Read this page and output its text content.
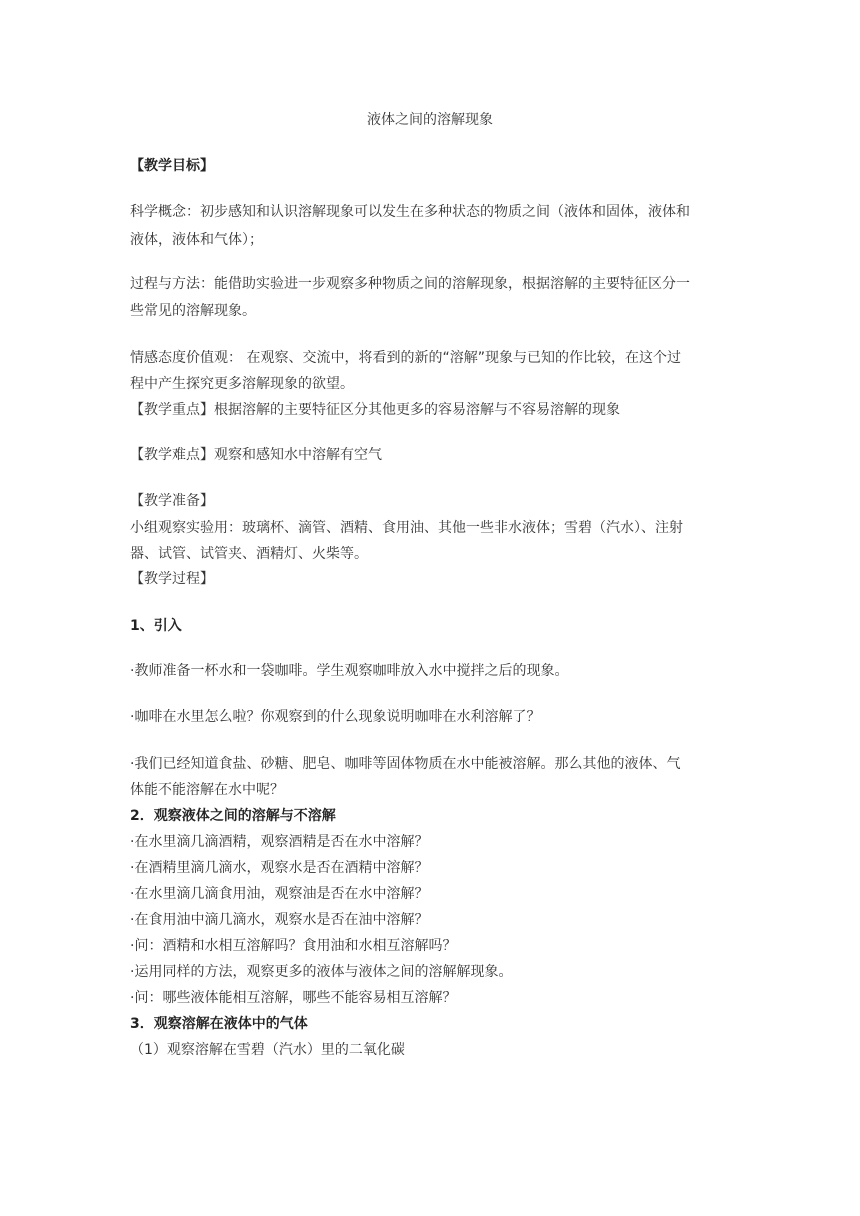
液体之间的溶解现象
【教学目标】
科学概念：初步感知和认识溶解现象可以发生在多种状态的物质之间（液体和固体，液体和
液体，液体和气体）；
过程与方法：能借助实验进一步观察多种物质之间的溶解现象，根据溶解的主要特征区分一
些常见的溶解现象。
情感态度价值观： 在观察、交流中，将看到的新的“溶解”现象与已知的作比较，在这个过
程中产生探究更多溶解现象的欲望。
【教学重点】根据溶解的主要特征区分其他更多的容易溶解与不容易溶解的现象
【教学难点】观察和感知水中溶解有空气
【教学准备】
小组观察实验用：玻璃杯、滴管、酒精、食用油、其他一些非水液体；雪碧（汽水）、注射
器、试管、试管夹、酒精灯、火柴等。
【教学过程】
1、引入
·教师准备一杯水和一袋咖啡。学生观察咖啡放入水中搅拌之后的现象。
·咖啡在水里怎么啦？你观察到的什么现象说明咖啡在水利溶解了？
·我们已经知道食盐、砂糖、肥皂、咖啡等固体物质在水中能被溶解。那么其他的液体、气
体能不能溶解在水中呢？
2．观察液体之间的溶解与不溶解
·在水里滴几滴酒精，观察酒精是否在水中溶解？
·在酒精里滴几滴水，观察水是否在酒精中溶解？
·在水里滴几滴食用油，观察油是否在水中溶解？
·在食用油中滴几滴水，观察水是否在油中溶解？
·问：酒精和水相互溶解吗？食用油和水相互溶解吗？
·运用同样的方法，观察更多的液体与液体之间的溶解解现象。
·问：哪些液体能相互溶解，哪些不能容易相互溶解？
3．观察溶解在液体中的气体
（1）观察溶解在雪碧（汽水）里的二氧化碳
